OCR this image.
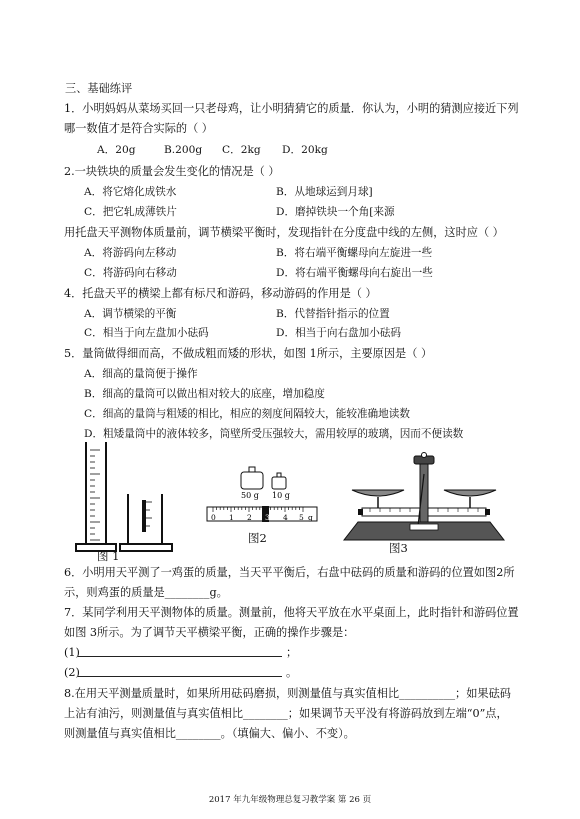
三、基础练评
1．小明妈妈从菜场买回一只老母鸡，让小明猜猜它的质量．你认为，小明的猜测应接近下列
哪一数值才是符合实际的（ ）
A．20g	B.200g C．2kg D．20kg
2.一块铁块的质量会发生变化的情况是（ ）
A．将它熔化成铁水	B．从地球运到月球]
C．把它轧成薄铁片	D．磨掉铁块一个角[来源
用托盘天平测物体质量前，调节横梁平衡时，发现指针在分度盘中线的左侧，这时应（ ）
A．将游码向左移动	B．将右端平衡螺母向左旋进一些
C．将游码向右移动	D．将右端平衡螺母向右旋出一些
4．托盘天平的横梁上都有标尺和游码，移动游码的作用是（ ）
A．调节横梁的平衡	B．代替指针指示的位置
C．相当于向左盘加小砝码	D．相当于向右盘加小砝码
5．量筒做得细而高，不做成粗而矮的形状，如图 1所示，主要原因是（ ）
A．细高的量筒便于操作
B．细高的量筒可以做出相对较大的底座，增加稳度
C．细高的量筒与粗矮的相比，相应的刻度间隔较大，能较准确地读数
D．粗矮量筒中的液体较多，筒壁所受压强较大，需用较厚的玻璃，因而不便读数
图 1
50 g 10 g
0 1 2	4 5 g
3
图2
图3
6．小明用天平测了一鸡蛋的质量，当天平平衡后，右盘中砝码的质量和游码的位置如图2所
示，则鸡蛋的质量是________g。
7．某同学利用天平测物体的质量。测量前，他将天平放在水平桌面上，此时指针和游码位置
如图 3所示。为了调节天平横梁平衡，正确的操作步骤是：
(1)	；
(2)	。
8.在用天平测量质量时，如果所用砝码磨损，则测量值与真实值相比__________；如果砝码
上沾有油污，则测量值与真实值相比________；如果调节天平没有将游码放到左端“0”点，
则测量值与真实值相比________。（填偏大、偏小、不变）。
2017 年九年级物理总复习教学案 第 26 页
